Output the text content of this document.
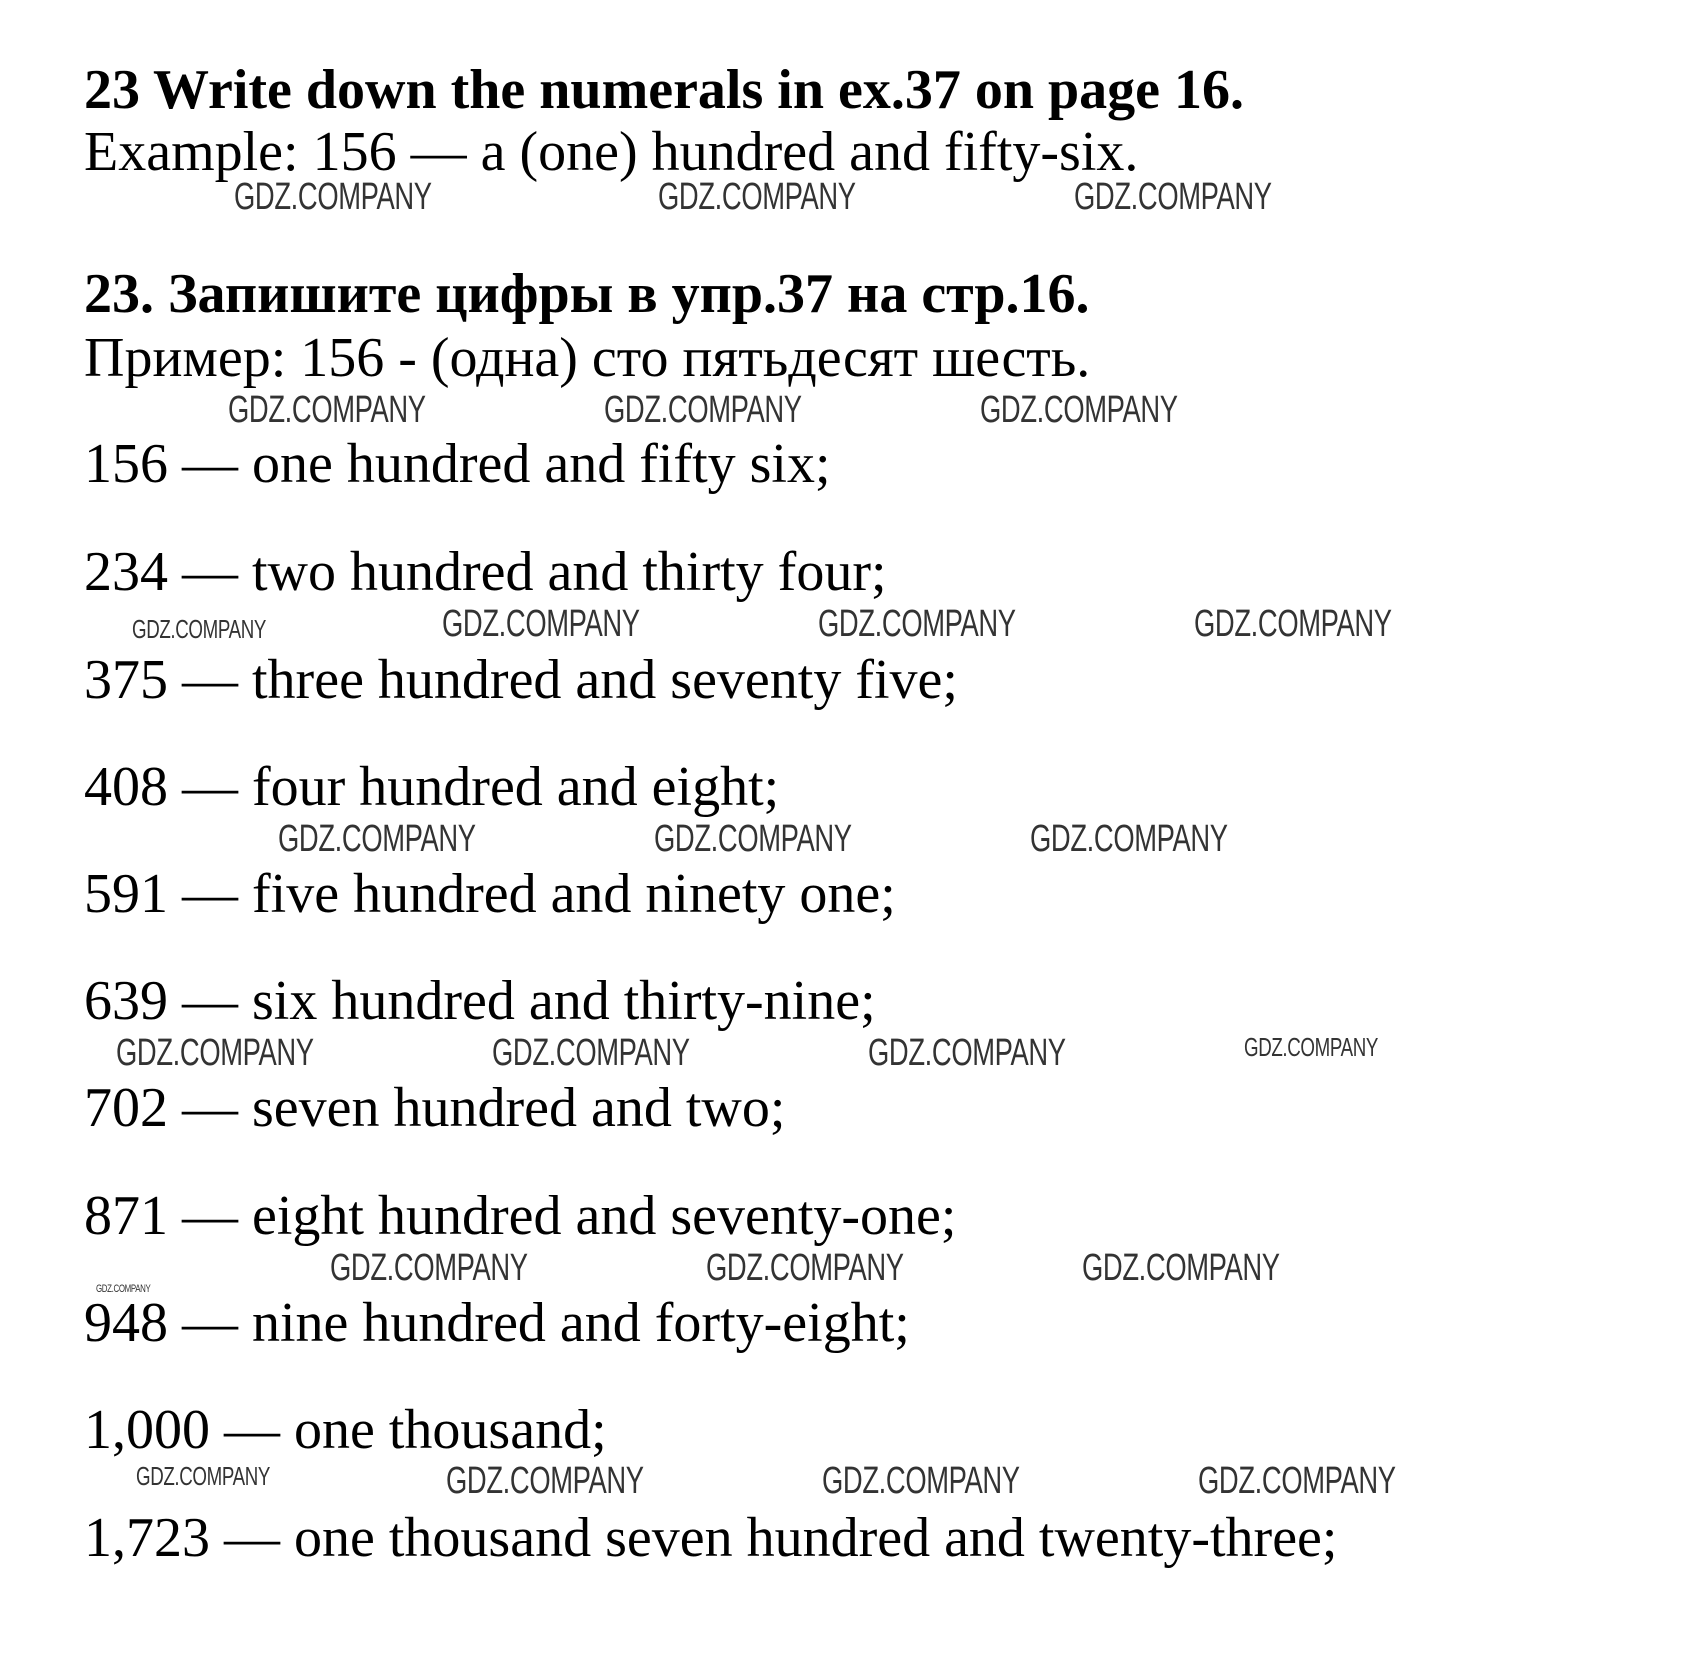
23 Write down the numerals in ex.37 on page 16.
Example: 156 — a (one) hundred and fifty-six.
23. Запишите цифры в упр.37 на стр.16.
Пример: 156 - (одна) сто пятьдесят шесть.
156 — one hundred and fifty six;
234 — two hundred and thirty four;
375 — three hundred and seventy five;
408 — four hundred and eight;
591 — five hundred and ninety one;
639 — six hundred and thirty-nine;
702 — seven hundred and two;
871 — eight hundred and seventy-one;
948 — nine hundred and forty-eight;
1,000 — one thousand;
1,723 — one thousand seven hundred and twenty-three;
GDZ.COMPANY	GDZ.COMPANY	GDZ.COMPANY
GDZ.COMPANY	GDZ.COMPANY	GDZ.COMPANY
GDZ.COMPANY	GDZ.COMPANY	GDZ.COMPANY	GDZ.COMPANY
GDZ.COMPANY	GDZ.COMPANY	GDZ.COMPANY
GDZ.COMPANY	GDZ.COMPANY	GDZ.COMPANY	GDZ.COMPANY
GDZ.COMPANY	GDZ.COMPANY	GDZ.COMPANY
GDZ.COMPANY
GDZ.COMPANY	GDZ.COMPANY	GDZ.COMPANY	GDZ.COMPANY
